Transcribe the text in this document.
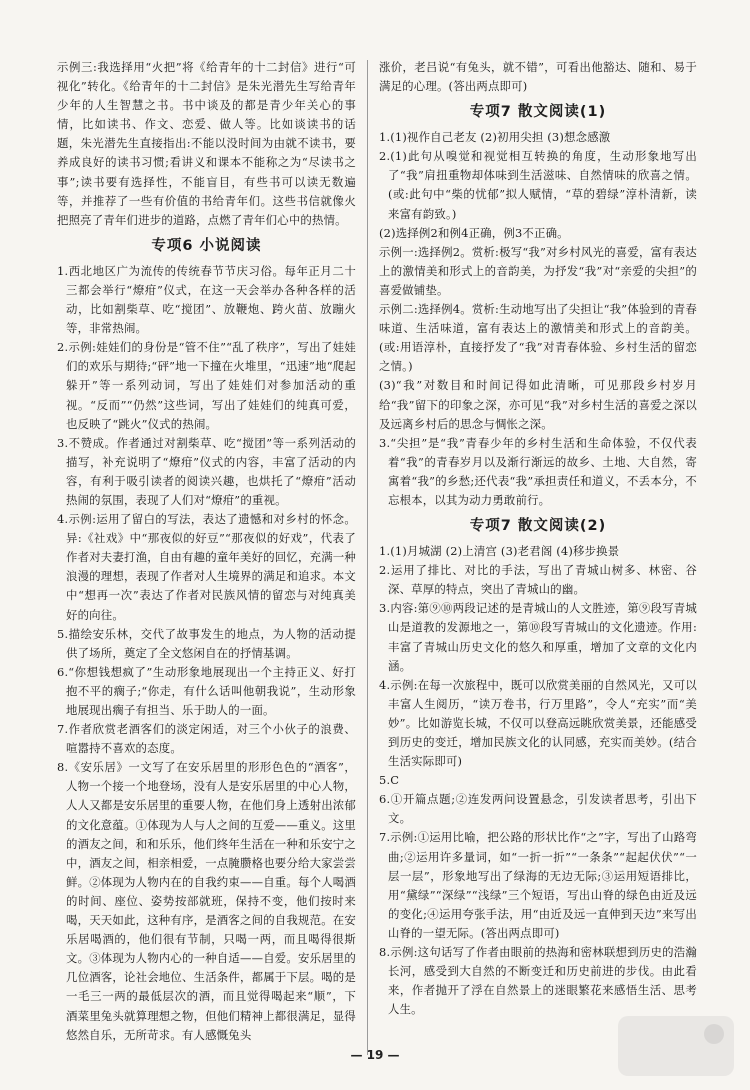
示例三:我选择用“火把”将《给青年的十二封信》进行“可视化”转化。《给青年的十二封信》是朱光潜先生写给青年少年的人生智慧之书。书中谈及的都是青少年关心的事情，比如读书、作文、恋爱、做人等。比如谈读书的话题，朱光潜先生直接指出:不能以没时间为由就不读书，要养成良好的读书习惯;看讲义和课本不能称之为“尽读书之事”;读书要有选择性，不能盲目，有些书可以读无数遍等，并推荐了一些有价值的书给青年们。这些书信就像火把照亮了青年们进步的道路，点燃了青年们心中的热情。

专项6 小说阅读

1.西北地区广为流传的传统春节节庆习俗。每年正月二十三都会举行“燎疳”仪式，在这一天会举办各种各样的活动，比如割柴草、吃“搅团”、放鞭炮、跨火苗、放蹦火等，非常热闹。

2.示例:娃娃们的身份是“管不住”“乱了秩序”，写出了娃娃们的欢乐与期待;“砰”地一下撞在火堆里，“迅速”地“爬起躲开”等一系列动词，写出了娃娃们对参加活动的重视。“反而”“仍然”这些词，写出了娃娃们的纯真可爱，也反映了“跳火”仪式的热闹。

3.不赞成。作者通过对割柴草、吃“搅团”等一系列活动的描写，补充说明了“燎疳”仪式的内容，丰富了活动的内容，有利于吸引读者的阅读兴趣，也烘托了“燎疳”活动热闹的氛围，表现了人们对“燎疳”的重视。

4.示例:运用了留白的写法，表达了遗憾和对乡村的怀念。异:《社戏》中“那夜似的好豆”“那夜似的好戏”，代表了作者对夫妻打渔，自由有趣的童年美好的回忆，充满一种浪漫的理想，表现了作者对人生境界的满足和追求。本文中“想再一次”表达了作者对民族风情的留恋与对纯真美好的向往。

5.描绘安乐林，交代了故事发生的地点，为人物的活动提供了场所，奠定了全文悠闲自在的抒情基调。

6.“你想钱想疯了”生动形象地展现出一个主持正义、好打抱不平的瘸子;“你走，有什么话叫他朝我说”，生动形象地展现出瘸子有担当、乐于助人的一面。

7.作者欣赏老酒客们的淡定闲适，对三个小伙子的浪费、喧嚣持不喜欢的态度。

8.《安乐居》一文写了在安乐居里的形形色色的“酒客”，人物一个接一个地登场，没有人是安乐居里的中心人物，人人又都是安乐居里的重要人物，在他们身上透射出浓郁的文化意蕴。①体现为人与人之间的互爱——重义。这里的酒友之间，和和乐乐，他们终年生活在一种和乐安宁之中，酒友之间，相亲相爱，一点腌臜格也要分给大家尝尝鲜。②体现为人物内在的自我约束——自重。每个人喝酒的时间、座位、姿势按部就班，保持不变，他们按时来喝，天天如此，这种有序，是酒客之间的自我规范。在安乐居喝酒的，他们很有节制，只喝一两，而且喝得很斯文。③体现为人物内心的一种自适——自爱。安乐居里的几位酒客，论社会地位、生活条件，都属于下层。喝的是一毛三一两的最低层次的酒，而且觉得喝起来“顺”，下酒菜里兔头就算理想之物，但他们精神上都很满足，显得悠然自乐，无所苛求。有人感慨兔头

涨价，老吕说“有兔头，就不错”，可看出他豁达、随和、易于满足的心理。(答出两点即可)

专项7 散文阅读(1)

1.(1)视作自己老友 (2)初用尖担 (3)想念感激

2.(1)此句从嗅觉和视觉相互转换的角度，生动形象地写出了“我”肩扭重物却体味到生活滋味、自然情味的欣喜之情。(或:此句中“柴的忧郁”拟人赋情，“草的碧绿”淳朴清新，读来富有韵致。)

(2)选择例2和例4正确，例3不正确。

示例一:选择例2。赏析:极写“我”对乡村风光的喜爱，富有表达上的激情美和形式上的音韵美，为抒发“我”对“亲爱的尖担”的喜爱做铺垫。

示例二:选择例4。赏析:生动地写出了尖担让“我”体验到的青春味道、生活味道，富有表达上的激情美和形式上的音韵美。(或:用语淳朴，直接抒发了“我”对青春体验、乡村生活的留恋之情。)

(3)“我”对数目和时间记得如此清晰，可见那段乡村岁月给“我”留下的印象之深，亦可见“我”对乡村生活的喜爱之深以及远离乡村后的思念与惆怅之深。

3.“尖担”是“我”青春少年的乡村生活和生命体验，不仅代表着“我”的青春岁月以及渐行渐远的故乡、土地、大自然，寄寓着“我”的乡愁;还代表“我”承担责任和道义，不丢本分，不忘根本，以其为动力勇敢前行。

专项7 散文阅读(2)

1.(1)月城湖 (2)上清宫 (3)老君阁 (4)移步换景

2.运用了排比、对比的手法，写出了青城山树多、林密、谷深、草厚的特点，突出了青城山的幽。

3.内容:第⑨⑩两段记述的是青城山的人文胜迹，第⑨段写青城山是道教的发源地之一，第⑩段写青城山的文化遗迹。作用:丰富了青城山历史文化的悠久和厚重，增加了文章的文化内涵。

4.示例:在每一次旅程中，既可以欣赏美丽的自然风光，又可以丰富人生阅历，“读万卷书，行万里路”，令人“充实”而“美妙”。比如游览长城，不仅可以登高远眺欣赏美景，还能感受到历史的变迁，增加民族文化的认同感，充实而美妙。(结合生活实际即可)

5.C

6.①开篇点题;②连发两问设置悬念，引发读者思考，引出下文。

7.示例:①运用比喻，把公路的形状比作“之”字，写出了山路弯曲;②运用许多量词，如“一折一折”“一条条”“起起伏伏”“一层一层”，形象地写出了绿海的无边无际;③运用短语排比，用“黛绿”“深绿”“浅绿”三个短语，写出山脊的绿色由近及远的变化;④运用夸张手法，用“由近及远一直伸到天边”来写出山脊的一望无际。(答出两点即可)

8.示例:这句话写了作者由眼前的热海和密林联想到历史的浩瀚长河，感受到大自然的不断变迁和历史前进的步伐。由此看来，作者抛开了浮在自然景上的迷眼繁花来感悟生活、思考人生。

— 19 —
